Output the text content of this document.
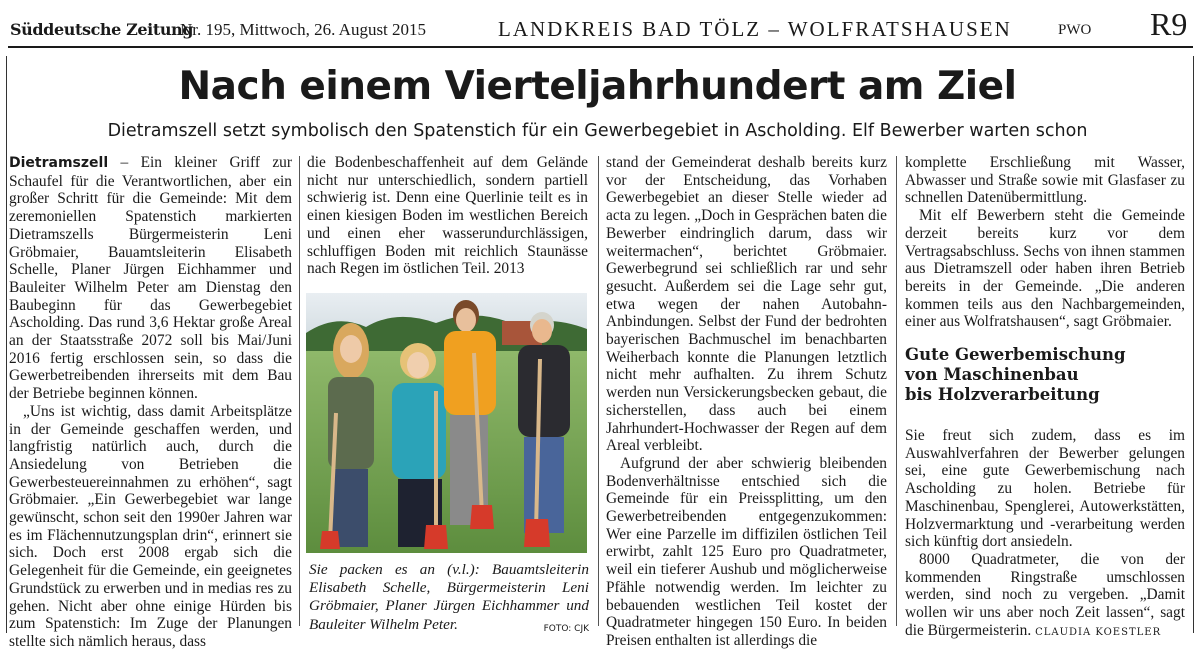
Süddeutsche Zeitung
Nr. 195, Mittwoch, 26. August 2015	LANDKREIS BAD TÖLZ – WOLFRATSHAUSEN	PWO R9
Nach einem Vierteljahrhundert am Ziel

Dietramszell setzt symbolisch den Spatenstich für ein Gewerbegebiet in Ascholding. Elf Bewerber warten schon

Dietramszell – Ein kleiner Griff zur Schaufel für die Verantwortlichen, aber ein großer Schritt für die Gemeinde: Mit dem zeremoniellen Spatenstich markierten Dietramszells Bürgermeisterin Leni Gröbmaier, Bauamtsleiterin Elisabeth Schelle, Planer Jürgen Eichhammer und Bauleiter Wilhelm Peter am Dienstag den Baubeginn für das Gewerbegebiet Ascholding. Das rund 3,6 Hektar große Areal an der Staatsstraße 2072 soll bis Mai/Juni 2016 fertig erschlossen sein, so dass die Gewerbetreibenden ihrerseits mit dem Bau der Betriebe beginnen können.

„Uns ist wichtig, dass damit Arbeitsplätze in der Gemeinde geschaffen werden, und langfristig natürlich auch, durch die Ansiedelung von Betrieben die Gewerbesteuereinnahmen zu erhöhen“, sagt Gröbmaier. „Ein Gewerbegebiet war lange gewünscht, schon seit den 1990er Jahren war es im Flächennutzungsplan drin“, erinnert sie sich. Doch erst 2008 ergab sich die Gelegenheit für die Gemeinde, ein geeignetes Grundstück zu erwerben und in medias res zu gehen. Nicht aber ohne einige Hürden bis zum Spatenstich: Im Zuge der Planungen stellte sich nämlich heraus, dass

die Bodenbeschaffenheit auf dem Gelände nicht nur unterschiedlich, sondern partiell schwierig ist. Denn eine Querlinie teilt es in einen kiesigen Boden im westlichen Bereich und einen eher wasserundurchlässigen, schluffigen Boden mit reichlich Staunässe nach Regen im östlichen Teil. 2013

Sie packen es an (v.l.): Bauamtsleiterin Elisabeth Schelle, Bürgermeisterin Leni Gröbmaier, Planer Jürgen Eichhammer und Bauleiter Wilhelm Peter.	FOTO: CJK

stand der Gemeinderat deshalb bereits kurz vor der Entscheidung, das Vorhaben Gewerbegebiet an dieser Stelle wieder ad acta zu legen. „Doch in Gesprächen baten die Bewerber eindringlich darum, dass wir weitermachen“, berichtet Gröbmaier. Gewerbegrund sei schließlich rar und sehr gesucht. Außerdem sei die Lage sehr gut, etwa wegen der nahen Autobahn-Anbindungen. Selbst der Fund der bedrohten bayerischen Bachmuschel im benachbarten Weiherbach konnte die Planungen letztlich nicht mehr aufhalten. Zu ihrem Schutz werden nun Versickerungsbecken gebaut, die sicherstellen, dass auch bei einem Jahrhundert-Hochwasser der Regen auf dem Areal verbleibt.

Aufgrund der aber schwierig bleibenden Bodenverhältnisse entschied sich die Gemeinde für ein Preissplitting, um den Gewerbetreibenden entgegenzukommen: Wer eine Parzelle im diffizilen östlichen Teil erwirbt, zahlt 125 Euro pro Quadratmeter, weil ein tieferer Aushub und möglicherweise Pfähle notwendig werden. Im leichter zu bebauenden westlichen Teil kostet der Quadratmeter hingegen 150 Euro. In beiden Preisen enthalten ist allerdings die

komplette Erschließung mit Wasser, Abwasser und Straße sowie mit Glasfaser zu schnellen Datenübermittlung.

Mit elf Bewerbern steht die Gemeinde derzeit bereits kurz vor dem Vertragsabschluss. Sechs von ihnen stammen aus Dietramszell oder haben ihren Betrieb bereits in der Gemeinde. „Die anderen kommen teils aus den Nachbargemeinden, einer aus Wolfratshausen“, sagt Gröbmaier.

Gute Gewerbemischung
von Maschinenbau
bis Holzverarbeitung

Sie freut sich zudem, dass es im Auswahlverfahren der Bewerber gelungen sei, eine gute Gewerbemischung nach Ascholding zu holen. Betriebe für Maschinenbau, Spenglerei, Autowerkstätten, Holzvermarktung und -verarbeitung werden sich künftig dort ansiedeln.

8000 Quadratmeter, die von der kommenden Ringstraße umschlossen werden, sind noch zu vergeben. „Damit wollen wir uns aber noch Zeit lassen“, sagt die Bürgermeisterin. CLAUDIA KOESTLER
